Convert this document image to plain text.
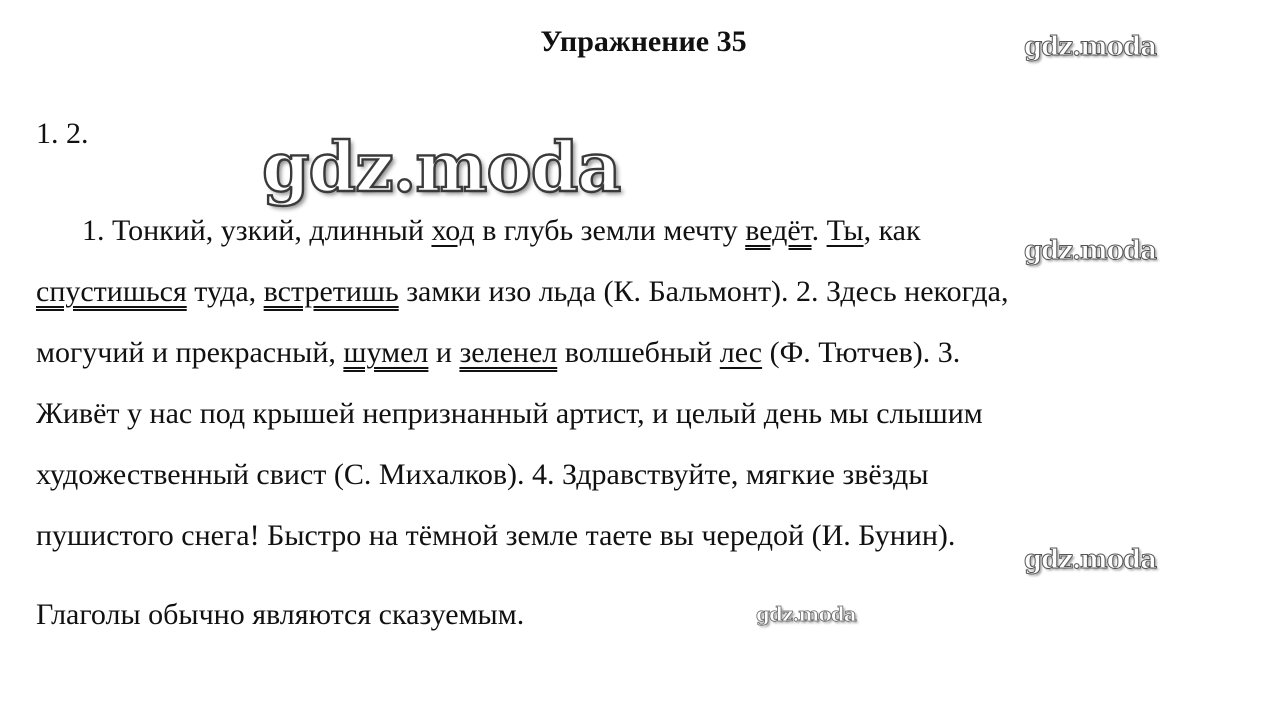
Упражнение 35
1. 2.
1. Тонкий, узкий, длинный ход в глубь земли мечту ведёт. Ты, как
спустишься туда, встретишь замки изо льда (К. Бальмонт). 2. Здесь некогда,
могучий и прекрасный, шумел и зеленел волшебный лес (Ф. Тютчев). 3.
Живёт у нас под крышей непризнанный артист, и целый день мы слышим
художественный свист (С. Михалков). 4. Здравствуйте, мягкие звёзды
пушистого снега! Быстро на тёмной земле таете вы чередой (И. Бунин).
Глаголы обычно являются сказуемым.
gdz.moda
gdz.moda
gdz.moda
gdz.moda
gdz.moda
